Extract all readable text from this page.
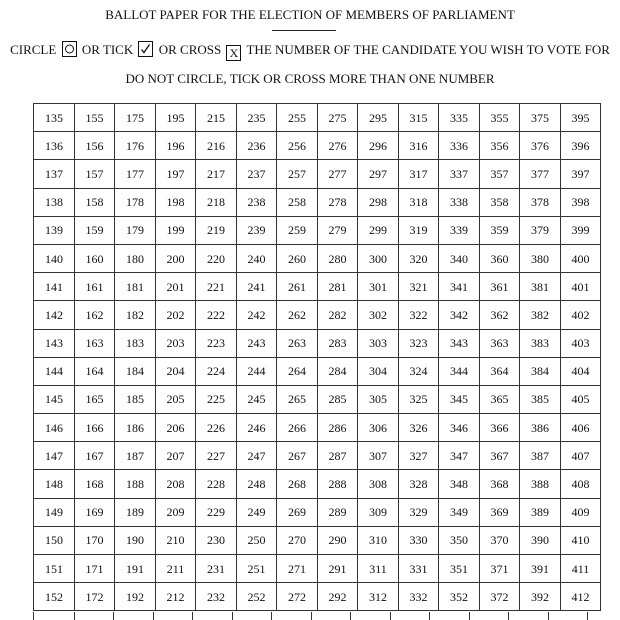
BALLOT PAPER FOR THE ELECTION OF MEMBERS OF PARLIAMENT
CIRCLE ○ OR TICK OR CROSS X THE NUMBER OF THE CANDIDATE YOU WISH TO VOTE FOR
DO NOT CIRCLE, TICK OR CROSS MORE THAN ONE NUMBER
135	155	175	195	215	235	255	275	295	315	335	355	375	395
136	156	176	196	216	236	256	276	296	316	336	356	376	396
137	157	177	197	217	237	257	277	297	317	337	357	377	397
138	158	178	198	218	238	258	278	298	318	338	358	378	398
139	159	179	199	219	239	259	279	299	319	339	359	379	399
140	160	180	200	220	240	260	280	300	320	340	360	380	400
141	161	181	201	221	241	261	281	301	321	341	361	381	401
142	162	182	202	222	242	262	282	302	322	342	362	382	402
143	163	183	203	223	243	263	283	303	323	343	363	383	403
144	164	184	204	224	244	264	284	304	324	344	364	384	404
145	165	185	205	225	245	265	285	305	325	345	365	385	405
146	166	186	206	226	246	266	286	306	326	346	366	386	406
147	167	187	207	227	247	267	287	307	327	347	367	387	407
148	168	188	208	228	248	268	288	308	328	348	368	388	408
149	169	189	209	229	249	269	289	309	329	349	369	389	409
150	170	190	210	230	250	270	290	310	330	350	370	390	410
151	171	191	211	231	251	271	291	311	331	351	371	391	411
152	172	192	212	232	252	272	292	312	332	352	372	392	412
